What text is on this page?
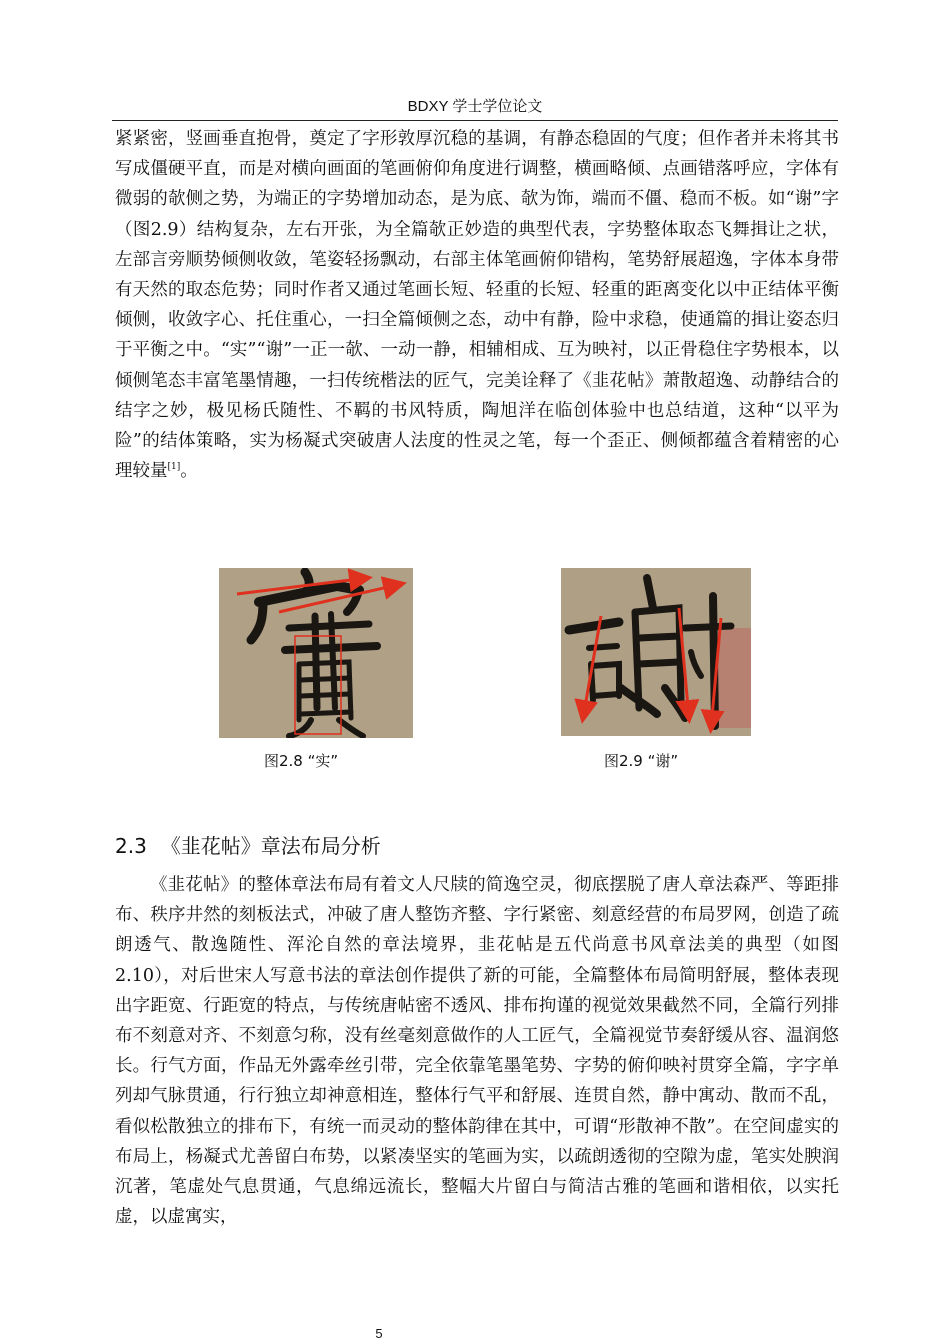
BDXY 学士学位论文

紧紧密，竖画垂直抱骨，奠定了字形敦厚沉稳的基调，有静态稳固的气度；但作者并未将其书写成僵硬平直，而是对横向画面的笔画俯仰角度进行调整，横画略倾、点画错落呼应，字体有微弱的欹侧之势，为端正的字势增加动态，是为底、欹为饰，端而不僵、稳而不板。如“谢”字（图2.9）结构复杂，左右开张，为全篇欹正妙造的典型代表，字势整体取态飞舞揖让之状，左部言旁顺势倾侧收敛，笔姿轻扬飘动，右部主体笔画俯仰错构，笔势舒展超逸，字体本身带有天然的取态危势；同时作者又通过笔画长短、轻重的长短、轻重的距离变化以中正结体平衡倾侧，收敛字心、托住重心，一扫全篇倾侧之态，动中有静，险中求稳，使通篇的揖让姿态归于平衡之中。“实”“谢”一正一欹、一动一静，相辅相成、互为映衬，以正骨稳住字势根本，以倾侧笔态丰富笔墨情趣，一扫传统楷法的匠气，完美诠释了《韭花帖》萧散超逸、动静结合的结字之妙，极见杨氏随性、不羁的书风特质，陶旭洋在临创体验中也总结道，这种“以平为险”的结体策略，实为杨凝式突破唐人法度的性灵之笔，每一个歪正、侧倾都蕴含着精密的心理较量[1]。

图2.8 “实”	图2.9 “谢”
2.3 《韭花帖》章法布局分析

《韭花帖》的整体章法布局有着文人尺牍的简逸空灵，彻底摆脱了唐人章法森严、等距排布、秩序井然的刻板法式，冲破了唐人整饬齐整、字行紧密、刻意经营的布局罗网，创造了疏朗透气、散逸随性、浑沦自然的章法境界，韭花帖是五代尚意书风章法美的典型（如图2.10），对后世宋人写意书法的章法创作提供了新的可能，全篇整体布局简明舒展，整体表现出字距宽、行距宽的特点，与传统唐帖密不透风、排布拘谨的视觉效果截然不同，全篇行列排布不刻意对齐、不刻意匀称，没有丝毫刻意做作的人工匠气，全篇视觉节奏舒缓从容、温润悠长。行气方面，作品无外露牵丝引带，完全依靠笔墨笔势、字势的俯仰映衬贯穿全篇，字字单列却气脉贯通，行行独立却神意相连，整体行气平和舒展、连贯自然，静中寓动、散而不乱，看似松散独立的排布下，有统一而灵动的整体韵律在其中，可谓“形散神不散”。在空间虚实的布局上，杨凝式尤善留白布势，以紧凑坚实的笔画为实，以疏朗透彻的空隙为虚，笔实处腴润沉著，笔虚处气息贯通，气息绵远流长，整幅大片留白与简洁古雅的笔画和谐相依，以实托虚，以虚寓实，

5
